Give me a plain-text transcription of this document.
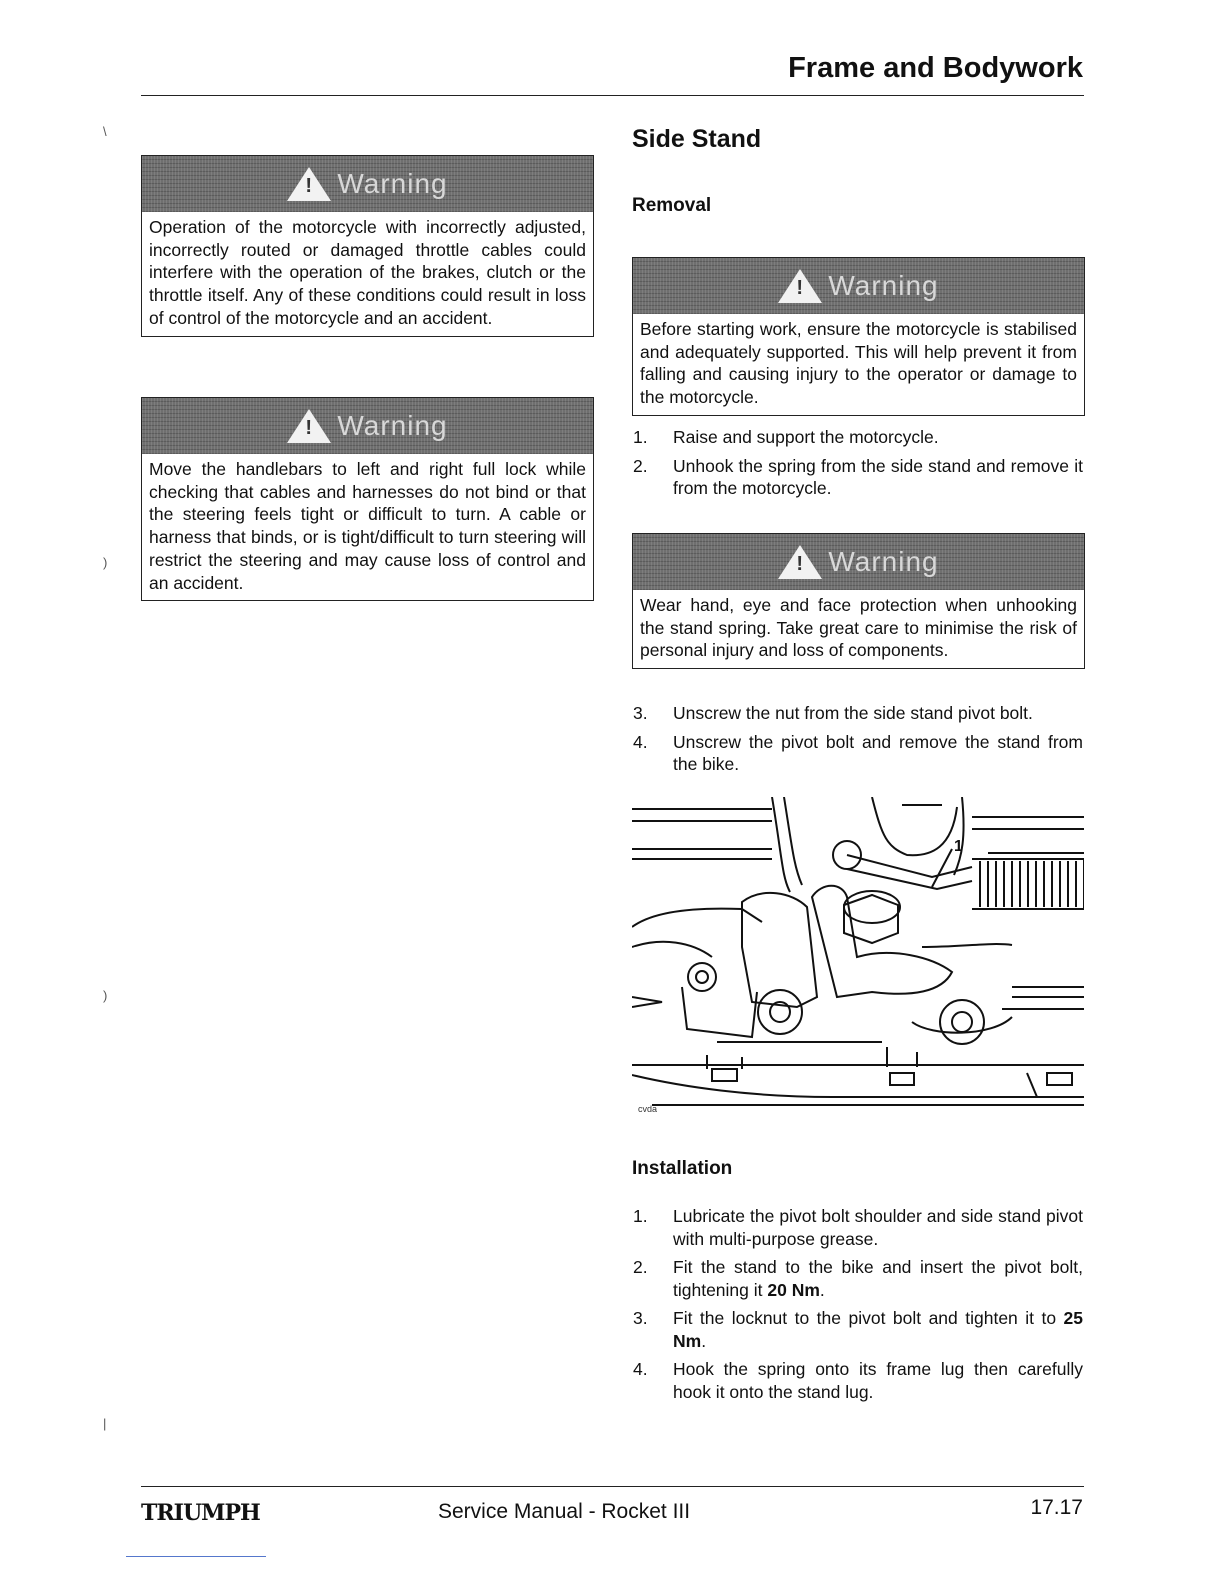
Frame and Bodywork
\
)
)
|
! Warning
Operation of the motorcycle with incorrectly adjusted, incorrectly routed or damaged throttle cables could interfere with the operation of the brakes, clutch or the throttle itself. Any of these conditions could result in loss of control of the motorcycle and an accident.
! Warning
Move the handlebars to left and right full lock while checking that cables and harnesses do not bind or that the steering feels tight or difficult to turn. A cable or harness that binds, or is tight/difficult to turn steering will restrict the steering and may cause loss of control and an accident.
Side Stand
Removal
! Warning
Before starting work, ensure the motorcycle is stabilised and adequately supported. This will help prevent it from falling and causing injury to the operator or damage to the motorcycle.
1. Raise and support the motorcycle.
2. Unhook the spring from the side stand and remove it from the motorcycle.
! Warning
Wear hand, eye and face protection when unhooking the stand spring. Take great care to minimise the risk of personal injury and loss of components.
3. Unscrew the nut from the side stand pivot bolt.
4. Unscrew the pivot bolt and remove the stand from the bike.
1
cvda
Installation
1. Lubricate the pivot bolt shoulder and side stand pivot with multi-purpose grease.
2. Fit the stand to the bike and insert the pivot bolt, tightening it 20 Nm.
3. Fit the locknut to the pivot bolt and tighten it to 25 Nm.
4. Hook the spring onto its frame lug then carefully hook it onto the stand lug.
TRIUMPH	Service Manual - Rocket III	17.17
